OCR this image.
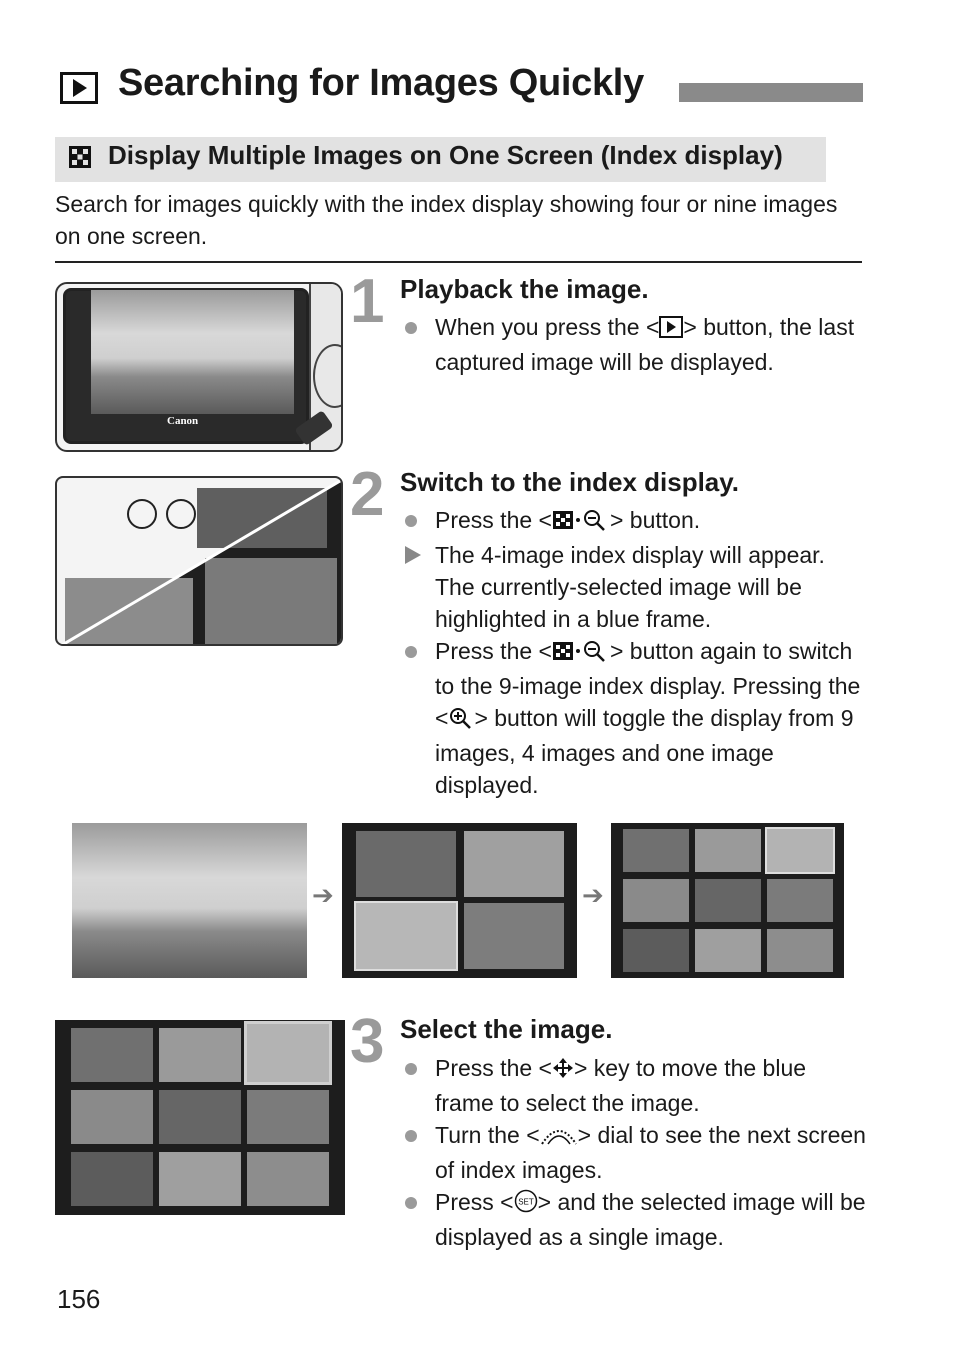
Searching for Images Quickly
Display Multiple Images on One Screen (Index display)
Search for images quickly with the index display showing four or nine images on one screen.
Canon
1 Playback the image.
When you press the < > button, the last captured image will be displayed.
2 Switch to the index display.
Press the <	> button.
The 4-image index display will appear. The currently-selected image will be highlighted in a blue frame.
Press the <	> button again to switch to the 9-image index display. Pressing the < > button will toggle the display from 9 images, 4 images and one image displayed.
➔	➔
3 Select the image.
Press the < > key to move the blue frame to select the image.
Turn the < > dial to see the next screen of index images.
Press < SET > and the selected image will be displayed as a single image.
156
